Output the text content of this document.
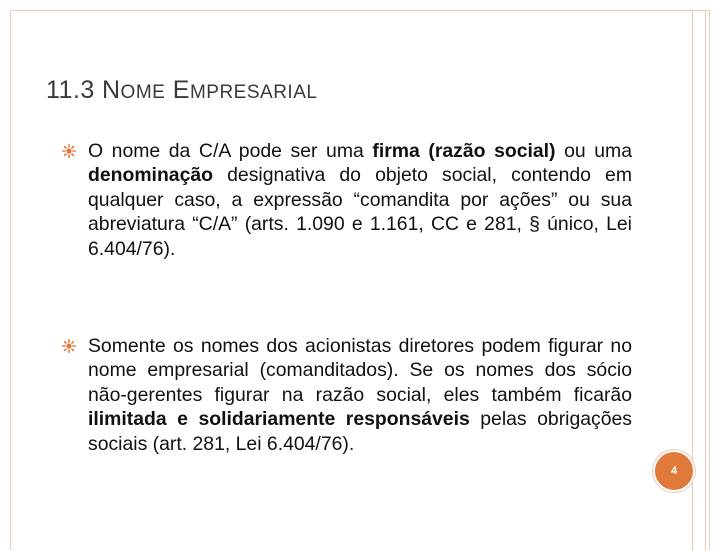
11.3 NOME EMPRESARIAL
O nome da C/A pode ser uma firma (razão social) ou uma denominação designativa do objeto social, contendo em qualquer caso, a expressão “comandita por ações” ou sua abreviatura “C/A” (arts. 1.090 e 1.161, CC e 281, § único, Lei 6.404/76).
Somente os nomes dos acionistas diretores podem figurar no nome empresarial (comanditados). Se os nomes dos sócio não-gerentes figurar na razão social, eles também ficarão ilimitada e solidariamente responsáveis pelas obrigações sociais (art. 281, Lei 6.404/76).
4
